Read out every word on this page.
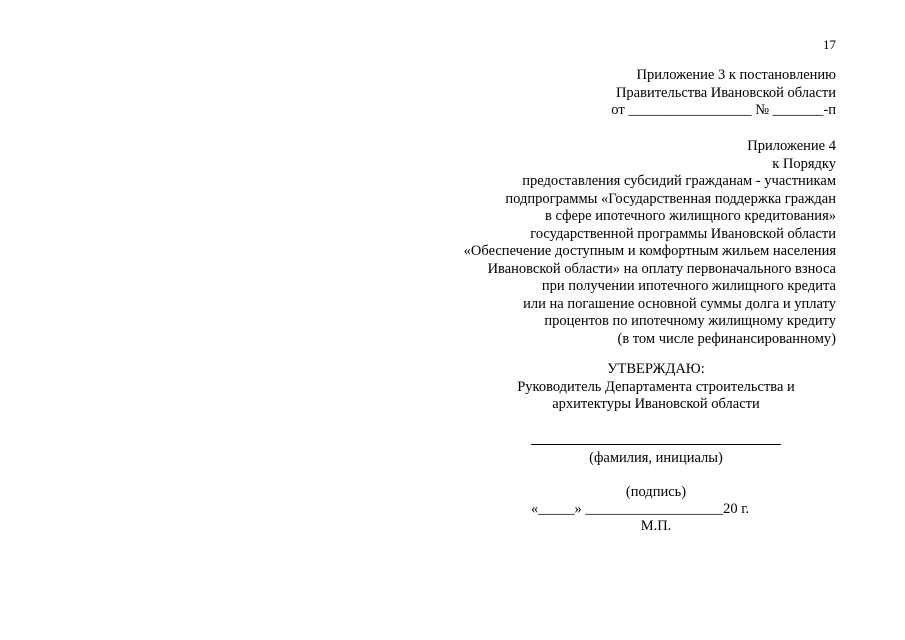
17
Приложение 3 к постановлению
Правительства Ивановской области
от _________________ № _______-п
Приложение 4
к Порядку
предоставления субсидий гражданам - участникам
подпрограммы «Государственная поддержка граждан
в сфере ипотечного жилищного кредитования»
государственной программы Ивановской области
«Обеспечение доступным и комфортным жильем населения
Ивановской области» на оплату первоначального взноса
при получении ипотечного жилищного кредита
или на погашение основной суммы долга и уплату
процентов по ипотечному жилищному кредиту
(в том числе рефинансированному)
УТВЕРЖДАЮ:
Руководитель Департамента строительства и
архитектуры Ивановской области
(фамилия, инициалы)
(подпись)
«_____» ___________________20 г.
М.П.
